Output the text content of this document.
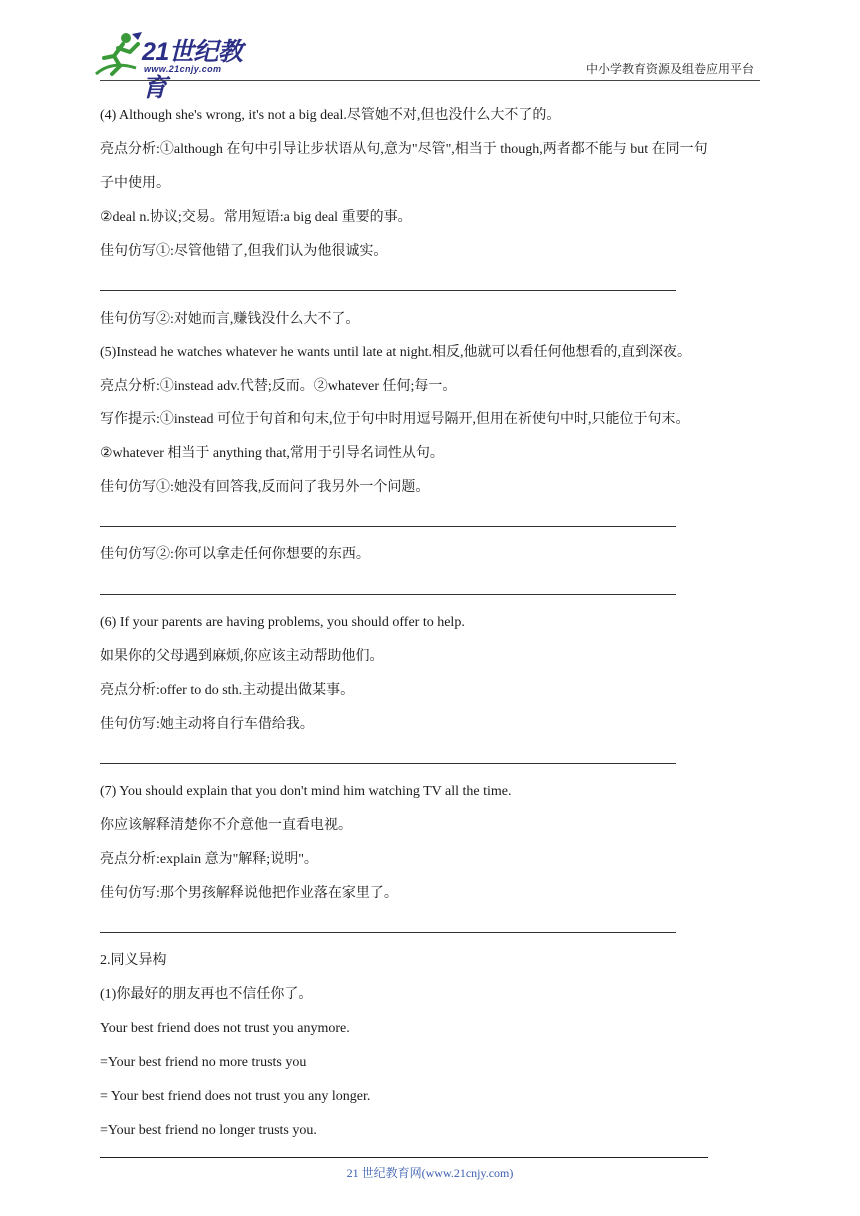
21世纪教育
www.21cnjy.com	中小学教育资源及组卷应用平台
(4) Although she's wrong, it's not a big deal.尽管她不对,但也没什么大不了的。
亮点分析:①although 在句中引导让步状语从句,意为"尽管",相当于 though,两者都不能与 but 在同一句
子中使用。
②deal n.协议;交易。常用短语:a big deal 重要的事。
佳句仿写①:尽管他错了,但我们认为他很诚实。
佳句仿写②:对她而言,赚钱没什么大不了。
(5)Instead he watches whatever he wants until late at night.相反,他就可以看任何他想看的,直到深夜。
亮点分析:①instead adv.代替;反而。②whatever 任何;每一。
写作提示:①instead 可位于句首和句末,位于句中时用逗号隔开,但用在祈使句中时,只能位于句末。
②whatever 相当于 anything that,常用于引导名词性从句。
佳句仿写①:她没有回答我,反而问了我另外一个问题。
佳句仿写②:你可以拿走任何你想要的东西。
(6) If your parents are having problems, you should offer to help.
如果你的父母遇到麻烦,你应该主动帮助他们。
亮点分析:offer to do sth.主动提出做某事。
佳句仿写:她主动将自行车借给我。
(7) You should explain that you don't mind him watching TV all the time.
你应该解释清楚你不介意他一直看电视。
亮点分析:explain 意为"解释;说明"。
佳句仿写:那个男孩解释说他把作业落在家里了。
2.同义异构
(1)你最好的朋友再也不信任你了。
Your best friend does not trust you anymore.
=Your best friend no more trusts you
= Your best friend does not trust you any longer.
=Your best friend no longer trusts you.
21 世纪教育网(www.21cnjy.com)
